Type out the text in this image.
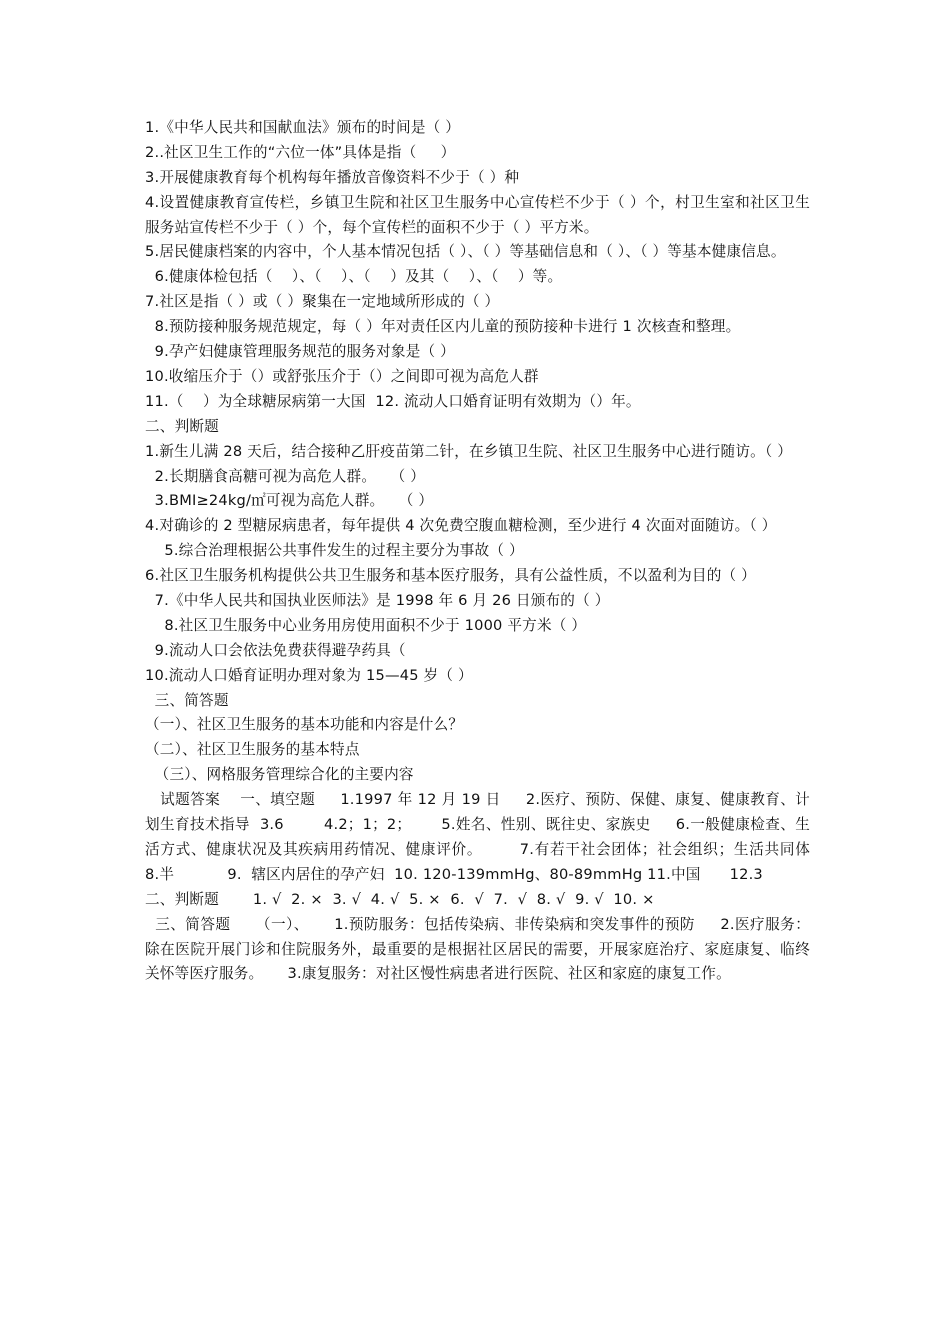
1.《中华人民共和国献血法》颁布的时间是（ ）
2..社区卫生工作的“六位一体”具体是指（     ）
3.开展健康教育每个机构每年播放音像资料不少于（ ）种
4.设置健康教育宣传栏，乡镇卫生院和社区卫生服务中心宣传栏不少于（ ）个，村卫生室和社区卫生服务站宣传栏不少于（ ）个，每个宣传栏的面积不少于（ ）平方米。
5.居民健康档案的内容中，个人基本情况包括（ ）、（ ）等基础信息和（ ）、（ ）等基本健康信息。
6.健康体检包括（    ）、（    ）、（    ）及其（    ）、（    ）等。
7.社区是指（ ）或（ ）聚集在一定地域所形成的（ ）
8.预防接种服务规范规定，每（ ）年对责任区内儿童的预防接种卡进行 1 次核查和整理。
9.孕产妇健康管理服务规范的服务对象是（ ）
10.收缩压介于（）或舒张压介于（）之间即可视为高危人群
11.（    ）为全球糖尿病第一大国  12. 流动人口婚育证明有效期为（）年。
二、判断题
1.新生儿满 28 天后，结合接种乙肝疫苗第二针，在乡镇卫生院、社区卫生服务中心进行随访。（ ）
2.长期膳食高糖可视为高危人群。   （ ）
3.BMI≥24kg/㎡可视为高危人群。   （ ）
4.对确诊的 2 型糖尿病患者，每年提供 4 次免费空腹血糖检测，至少进行 4 次面对面随访。（ ）
5.综合治理根据公共事件发生的过程主要分为事故（ ）
6.社区卫生服务机构提供公共卫生服务和基本医疗服务，具有公益性质，不以盈利为目的（ ）
7.《中华人民共和国执业医师法》是 1998 年 6 月 26 日颁布的（ ）
8.社区卫生服务中心业务用房使用面积不少于 1000 平方米（ ）
9.流动人口会依法免费获得避孕药具（
10.流动人口婚育证明办理对象为 15—45 岁（ ）
三、简答题
（一）、社区卫生服务的基本功能和内容是什么？
（二）、社区卫生服务的基本特点
（三）、网格服务管理综合化的主要内容
试题答案    一、填空题     1.1997 年 12 月 19 日     2.医疗、预防、保健、康复、健康教育、计划生育技术指导  3.6        4.2；1；2；      5.姓名、性别、既往史、家族史     6.一般健康检查、生活方式、健康状况及其疾病用药情况、健康评价。       7.有若干社会团体；社会组织；生活共同体              8.半           9.  辖区内居住的孕产妇  10. 120-139mmHg、80-89mmHg 11.中国      12.3
二、判断题       1. √  2. ×  3. √  4. √  5. ×  6.  √  7.  √  8. √  9. √  10. ×
三、简答题     （一）、     1.预防服务：包括传染病、非传染病和突发事件的预防     2.医疗服务：除在医院开展门诊和住院服务外，最重要的是根据社区居民的需要，开展家庭治疗、家庭康复、临终关怀等医疗服务。     3.康复服务：对社区慢性病患者进行医院、社区和家庭的康复工作。
